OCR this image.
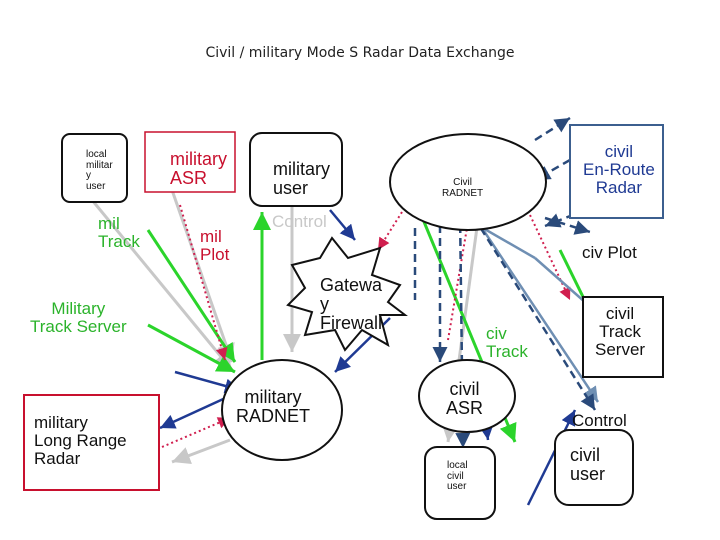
Civil / military Mode S Radar Data Exchange
local
militar
y
user
military
ASR	military
user	Civil
RADNET
civil
En-Route
Radar
mil
Track	mil
Plot
Control
civ Plot
Gatewa
y
Firewall
Military
Track Server	civ
Track
civil
Track
Server
military
Long Range
Radar
military
RADNET
civil
ASR
Control
local
civil
user
civil
user
